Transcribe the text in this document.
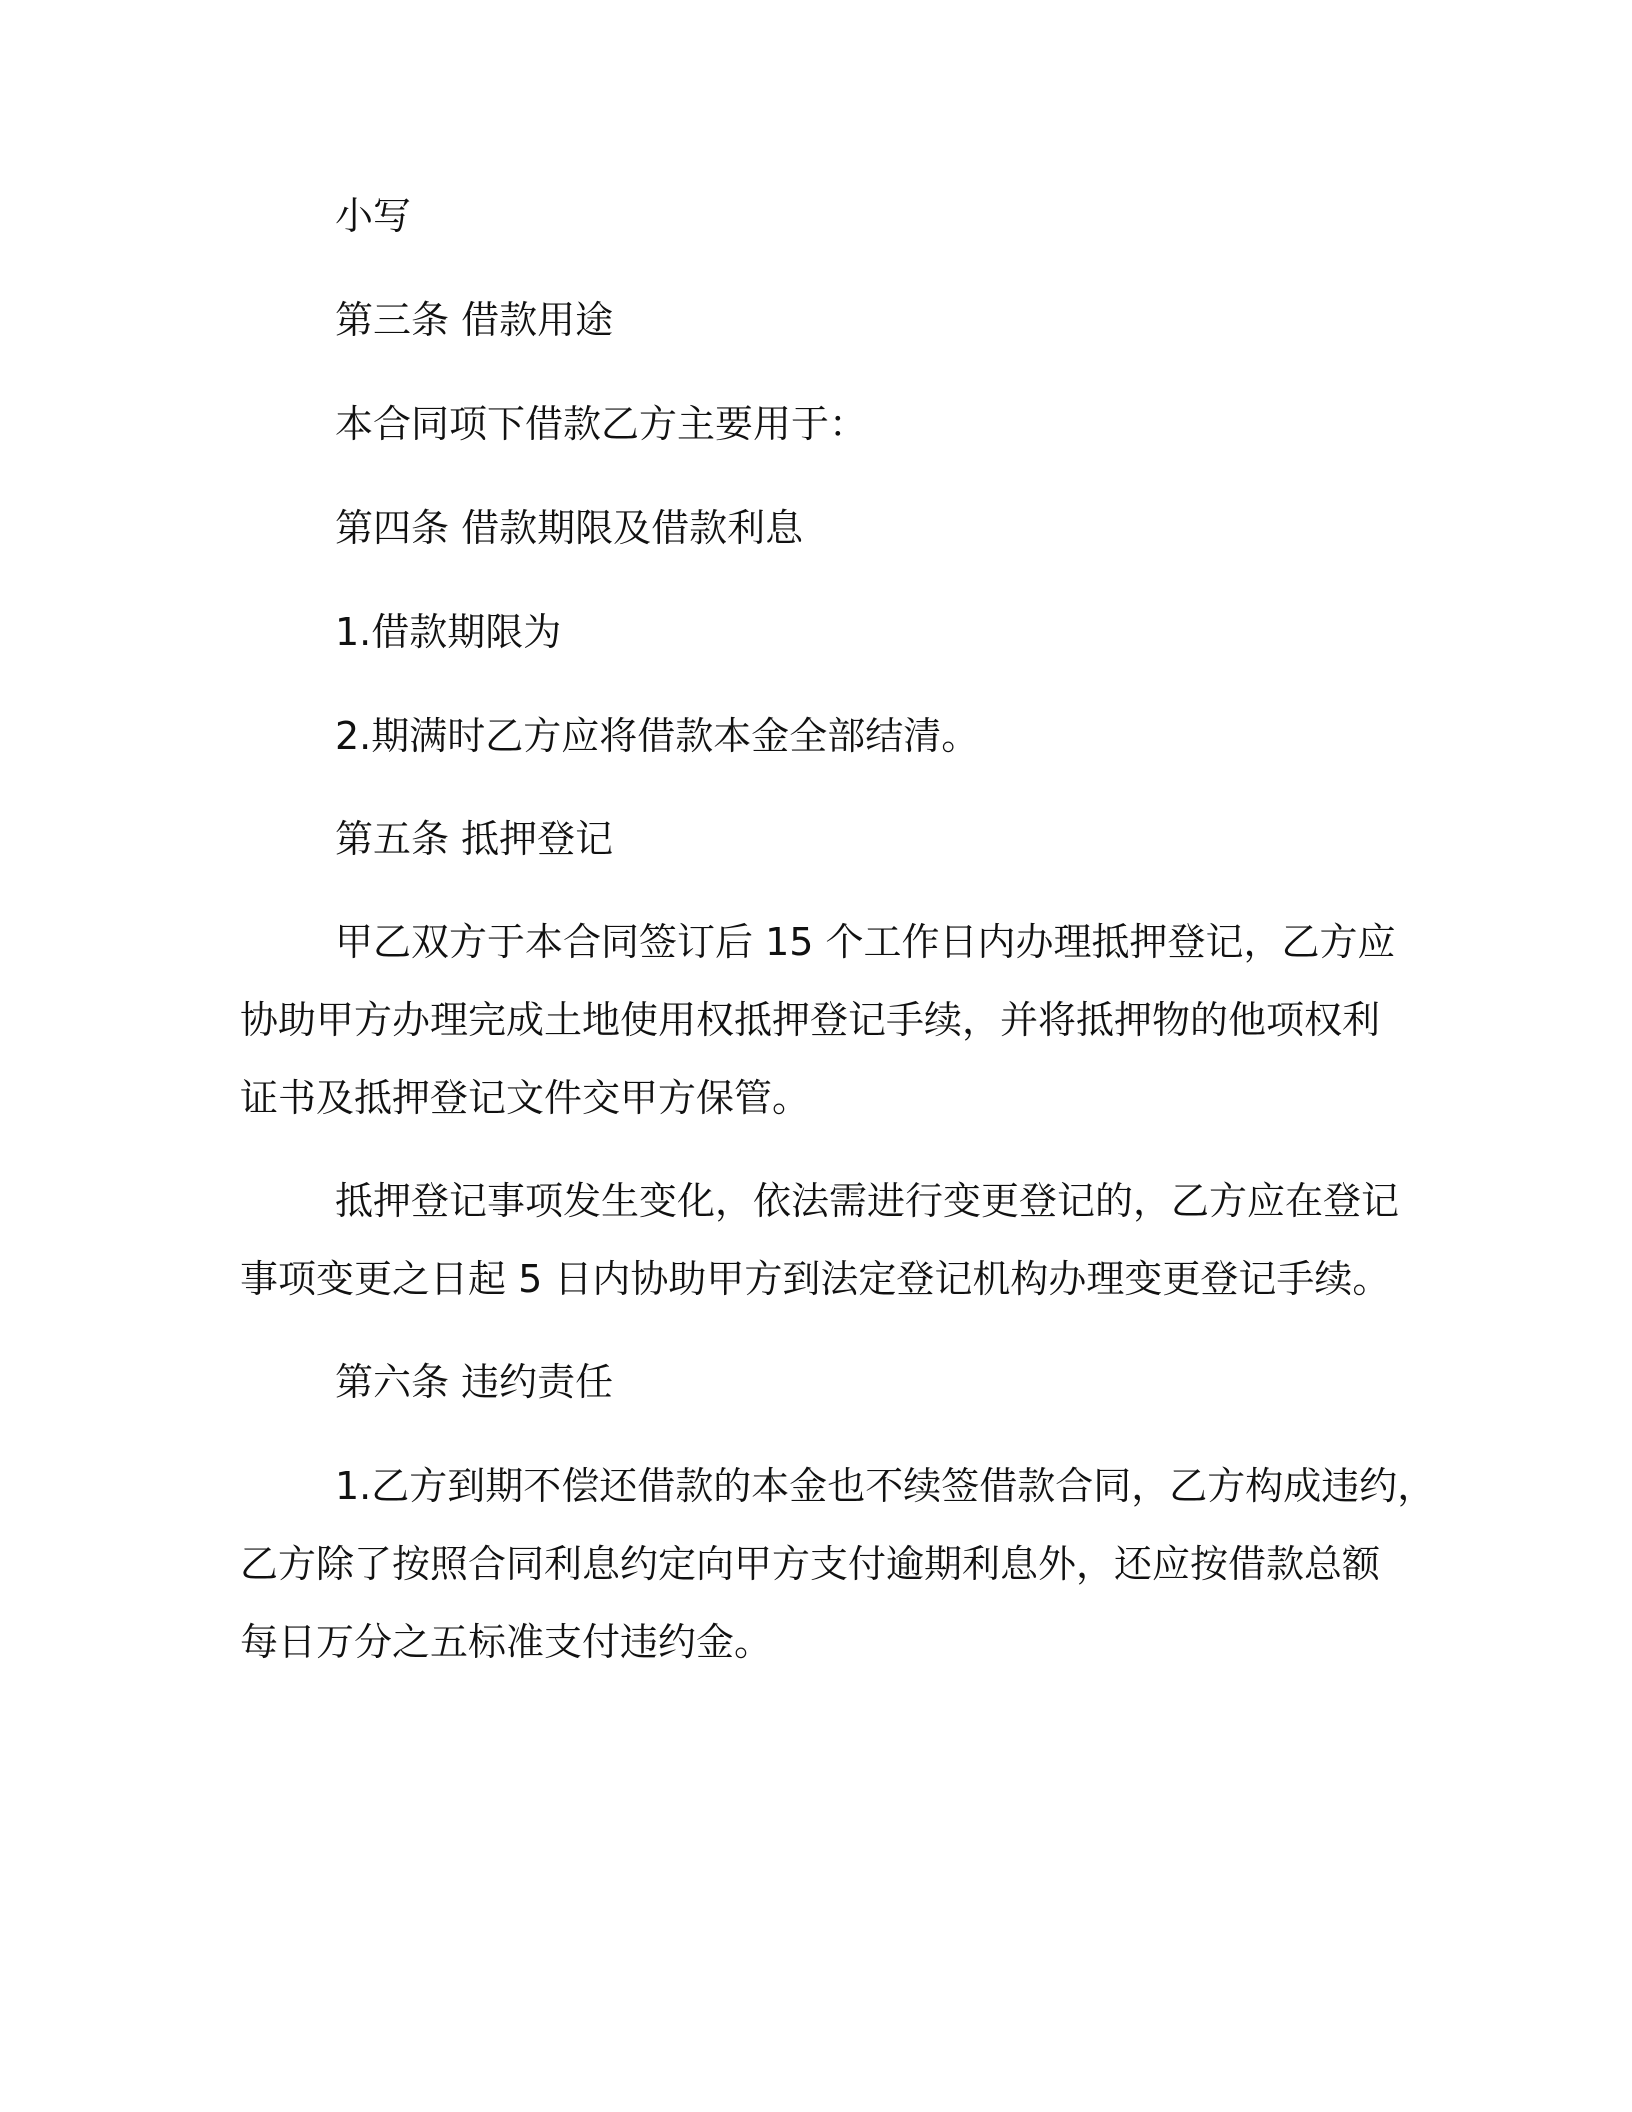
小写
第三条 借款用途
本合同项下借款乙方主要用于：
第四条 借款期限及借款利息
1.借款期限为
2.期满时乙方应将借款本金全部结清。
第五条 抵押登记
甲乙双方于本合同签订后 15 个工作日内办理抵押登记，乙方应
协助甲方办理完成土地使用权抵押登记手续，并将抵押物的他项权利
证书及抵押登记文件交甲方保管。
抵押登记事项发生变化，依法需进行变更登记的，乙方应在登记
事项变更之日起 5 日内协助甲方到法定登记机构办理变更登记手续。
第六条 违约责任
1.乙方到期不偿还借款的本金也不续签借款合同，乙方构成违约，
乙方除了按照合同利息约定向甲方支付逾期利息外，还应按借款总额
每日万分之五标准支付违约金。
